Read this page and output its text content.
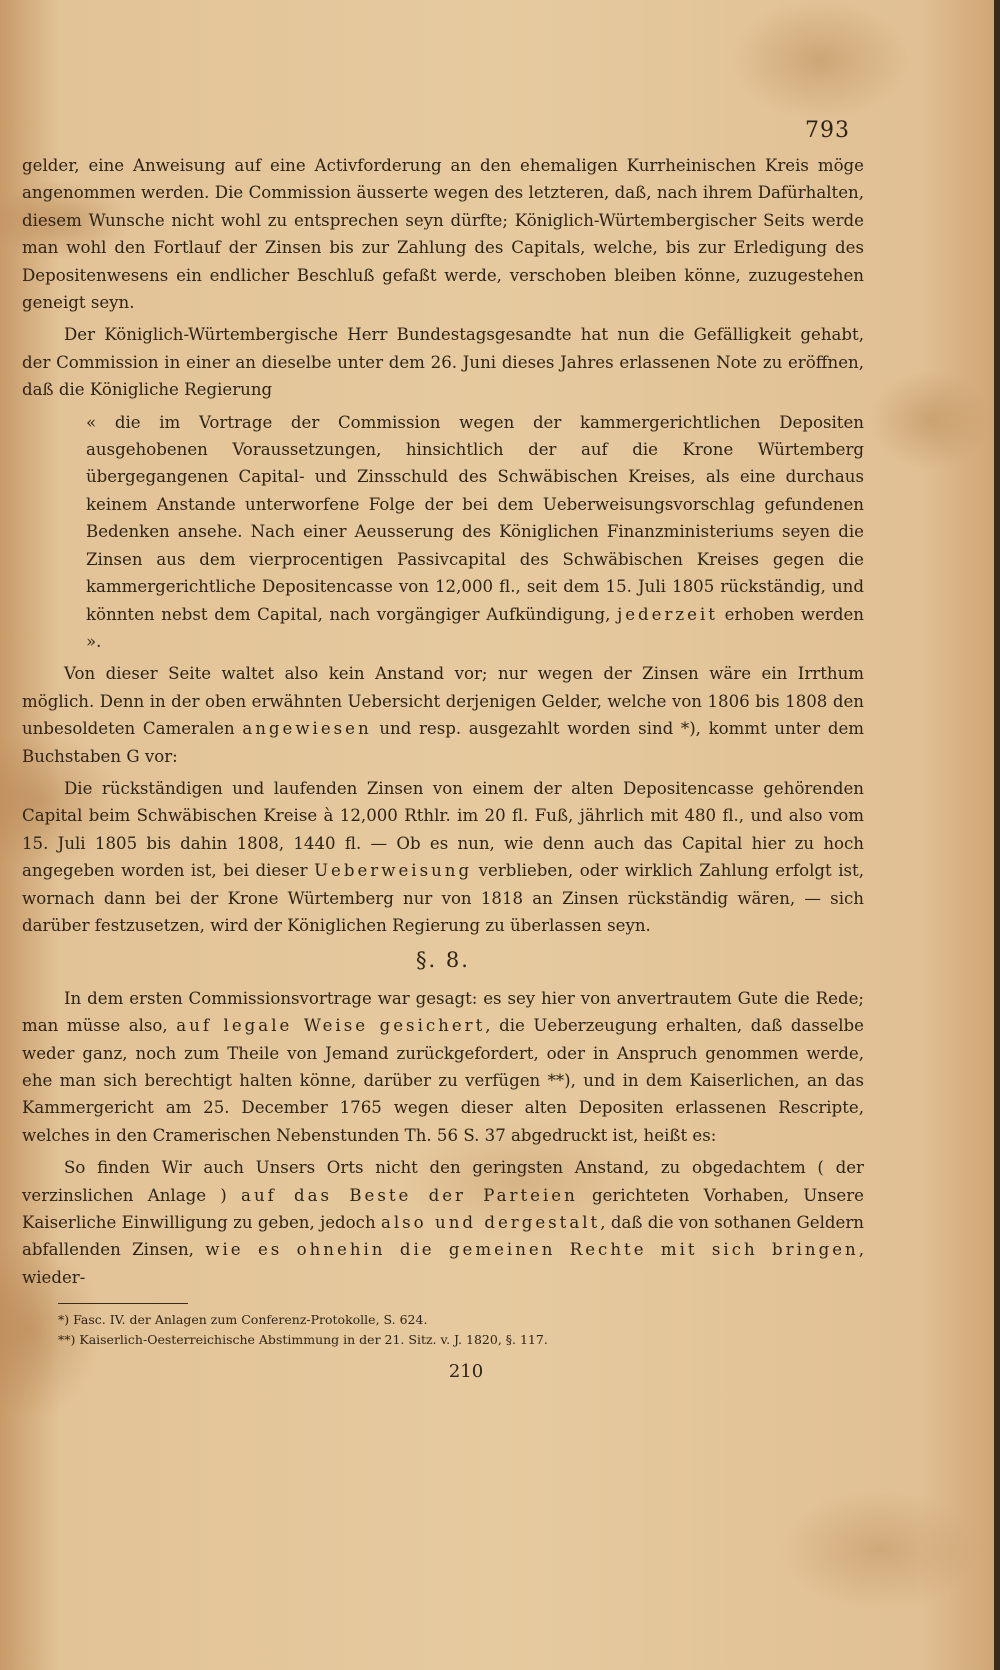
793

gelder, eine Anweisung auf eine Activforderung an den ehemaligen Kurrheinischen Kreis möge angenommen werden. Die Commission äusserte wegen des letzteren, daß, nach ihrem Dafürhalten, diesem Wunsche nicht wohl zu entsprechen seyn dürfte; Königlich-Würtembergischer Seits werde man wohl den Fortlauf der Zinsen bis zur Zahlung des Capitals, welche, bis zur Erledigung des Depositenwesens ein endlicher Beschluß gefaßt werde, verschoben bleiben könne, zuzugestehen geneigt seyn.

Der Königlich-Würtembergische Herr Bundestagsgesandte hat nun die Gefälligkeit gehabt, der Commission in einer an dieselbe unter dem 26. Juni dieses Jahres erlassenen Note zu eröffnen, daß die Königliche Regierung

« die im Vortrage der Commission wegen der kammergerichtlichen Depositen ausgehobenen Voraussetzungen, hinsichtlich der auf die Krone Würtemberg übergegangenen Capital- und Zinsschuld des Schwäbischen Kreises, als eine durchaus keinem Anstande unterworfene Folge der bei dem Ueberweisungsvorschlag gefundenen Bedenken ansehe. Nach einer Aeusserung des Königlichen Finanzministeriums seyen die Zinsen aus dem vierprocentigen Passivcapital des Schwäbischen Kreises gegen die kammergerichtliche Depositencasse von 12,000 fl., seit dem 15. Juli 1805 rückständig, und könnten nebst dem Capital, nach vorgängiger Aufkündigung, jederzeit erhoben werden ».

Von dieser Seite waltet also kein Anstand vor; nur wegen der Zinsen wäre ein Irrthum möglich. Denn in der oben erwähnten Uebersicht derjenigen Gelder, welche von 1806 bis 1808 den unbesoldeten Cameralen angewiesen und resp. ausgezahlt worden sind *), kommt unter dem Buchstaben G vor:

Die rückständigen und laufenden Zinsen von einem der alten Depositencasse gehörenden Capital beim Schwäbischen Kreise à 12,000 Rthlr. im 20 fl. Fuß, jährlich mit 480 fl., und also vom 15. Juli 1805 bis dahin 1808, 1440 fl. — Ob es nun, wie denn auch das Capital hier zu hoch angegeben worden ist, bei dieser Ueberweisung verblieben, oder wirklich Zahlung erfolgt ist, wornach dann bei der Krone Würtemberg nur von 1818 an Zinsen rückständig wären, — sich darüber festzusetzen, wird der Königlichen Regierung zu überlassen seyn.

§. 8.

In dem ersten Commissionsvortrage war gesagt: es sey hier von anvertrautem Gute die Rede; man müsse also, auf legale Weise gesichert, die Ueberzeugung erhalten, daß dasselbe weder ganz, noch zum Theile von Jemand zurückgefordert, oder in Anspruch genommen werde, ehe man sich berechtigt halten könne, darüber zu verfügen **), und in dem Kaiserlichen, an das Kammergericht am 25. December 1765 wegen dieser alten Depositen erlassenen Rescripte, welches in den Cramerischen Nebenstunden Th. 56 S. 37 abgedruckt ist, heißt es:

So finden Wir auch Unsers Orts nicht den geringsten Anstand, zu obgedachtem ( der verzinslichen Anlage ) auf das Beste der Parteien gerichteten Vorhaben, Unsere Kaiserliche Einwilligung zu geben, jedoch also und dergestalt, daß die von sothanen Geldern abfallenden Zinsen, wie es ohnehin die gemeinen Rechte mit sich bringen, wieder-

*) Fasc. IV. der Anlagen zum Conferenz-Protokolle, S. 624.
**) Kaiserlich-Oesterreichische Abstimmung in der 21. Sitz. v. J. 1820, §. 117.
210
